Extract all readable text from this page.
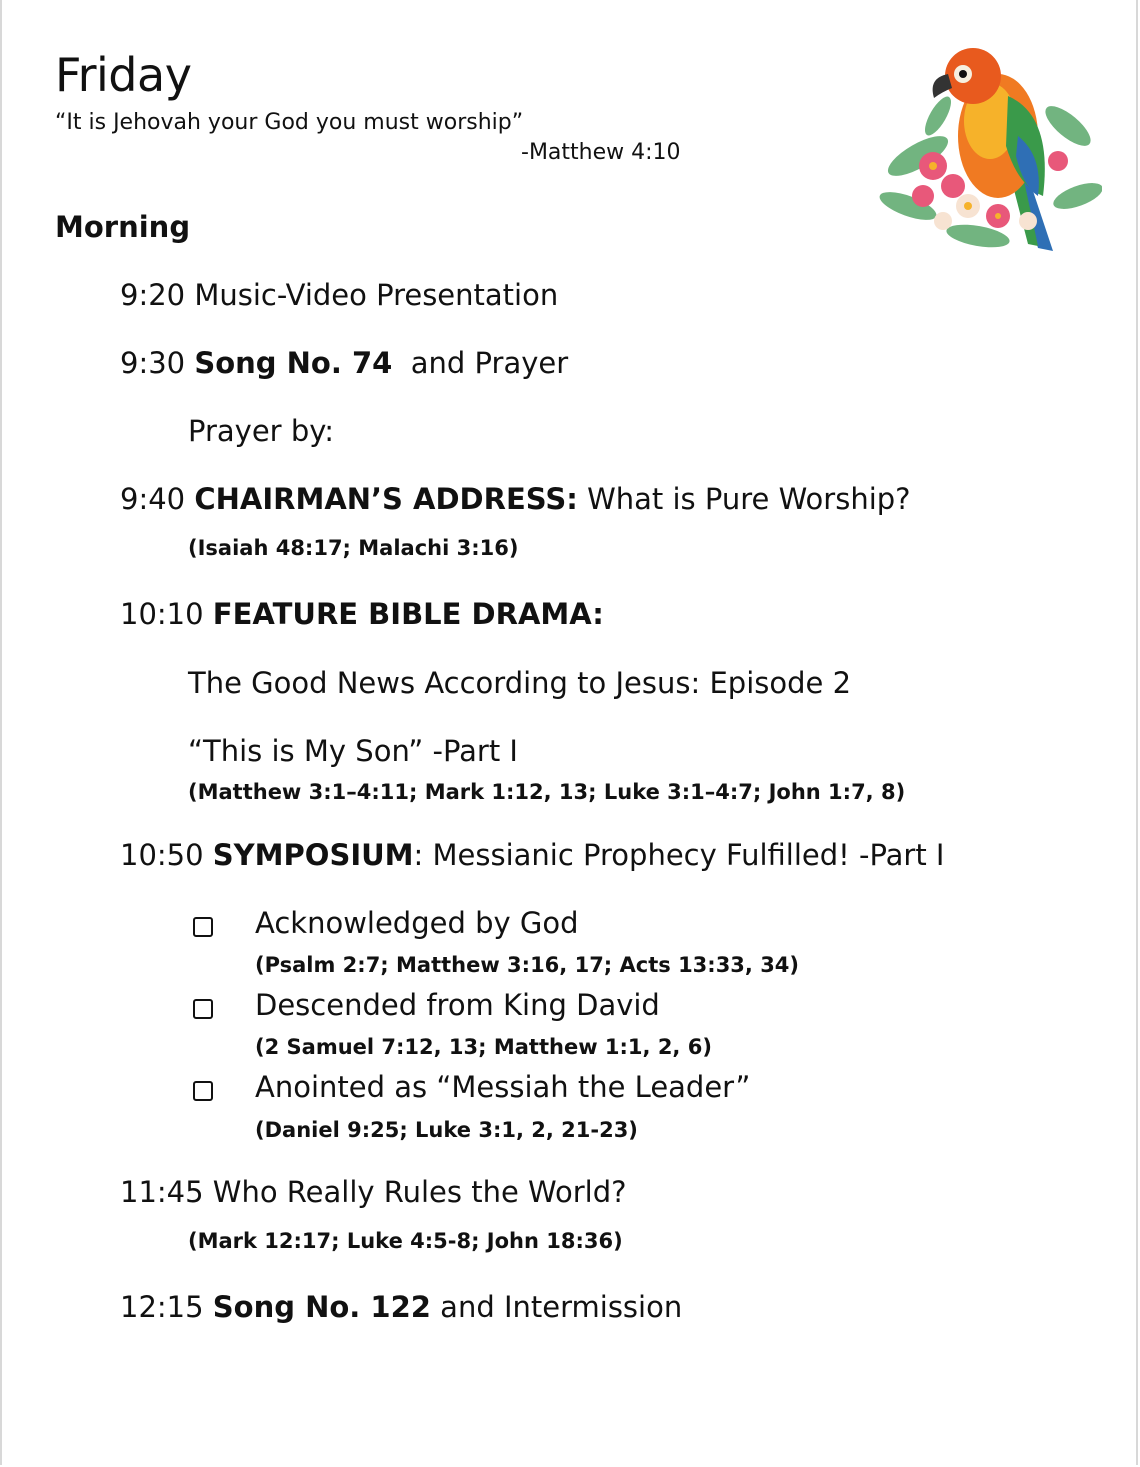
Friday
“It is Jehovah your God you must worship”
-Matthew 4:10
Morning
9:20 Music-Video Presentation
9:30 Song No. 74 and Prayer
Prayer by:
9:40 CHAIRMAN’S ADDRESS: What is Pure Worship?
(Isaiah 48:17; Malachi 3:16)
10:10 FEATURE BIBLE DRAMA:
The Good News According to Jesus: Episode 2
“This is My Son” -Part I
(Matthew 3:1–4:11; Mark 1:12, 13; Luke 3:1–4:7; John 1:7, 8)
10:50 SYMPOSIUM: Messianic Prophecy Fulfilled! -Part I
Acknowledged by God
(Psalm 2:7; Matthew 3:16, 17; Acts 13:33, 34)
Descended from King David
(2 Samuel 7:12, 13; Matthew 1:1, 2, 6)
Anointed as “Messiah the Leader”
(Daniel 9:25; Luke 3:1, 2, 21-23)
11:45 Who Really Rules the World?
(Mark 12:17; Luke 4:5-8; John 18:36)
12:15 Song No. 122 and Intermission
